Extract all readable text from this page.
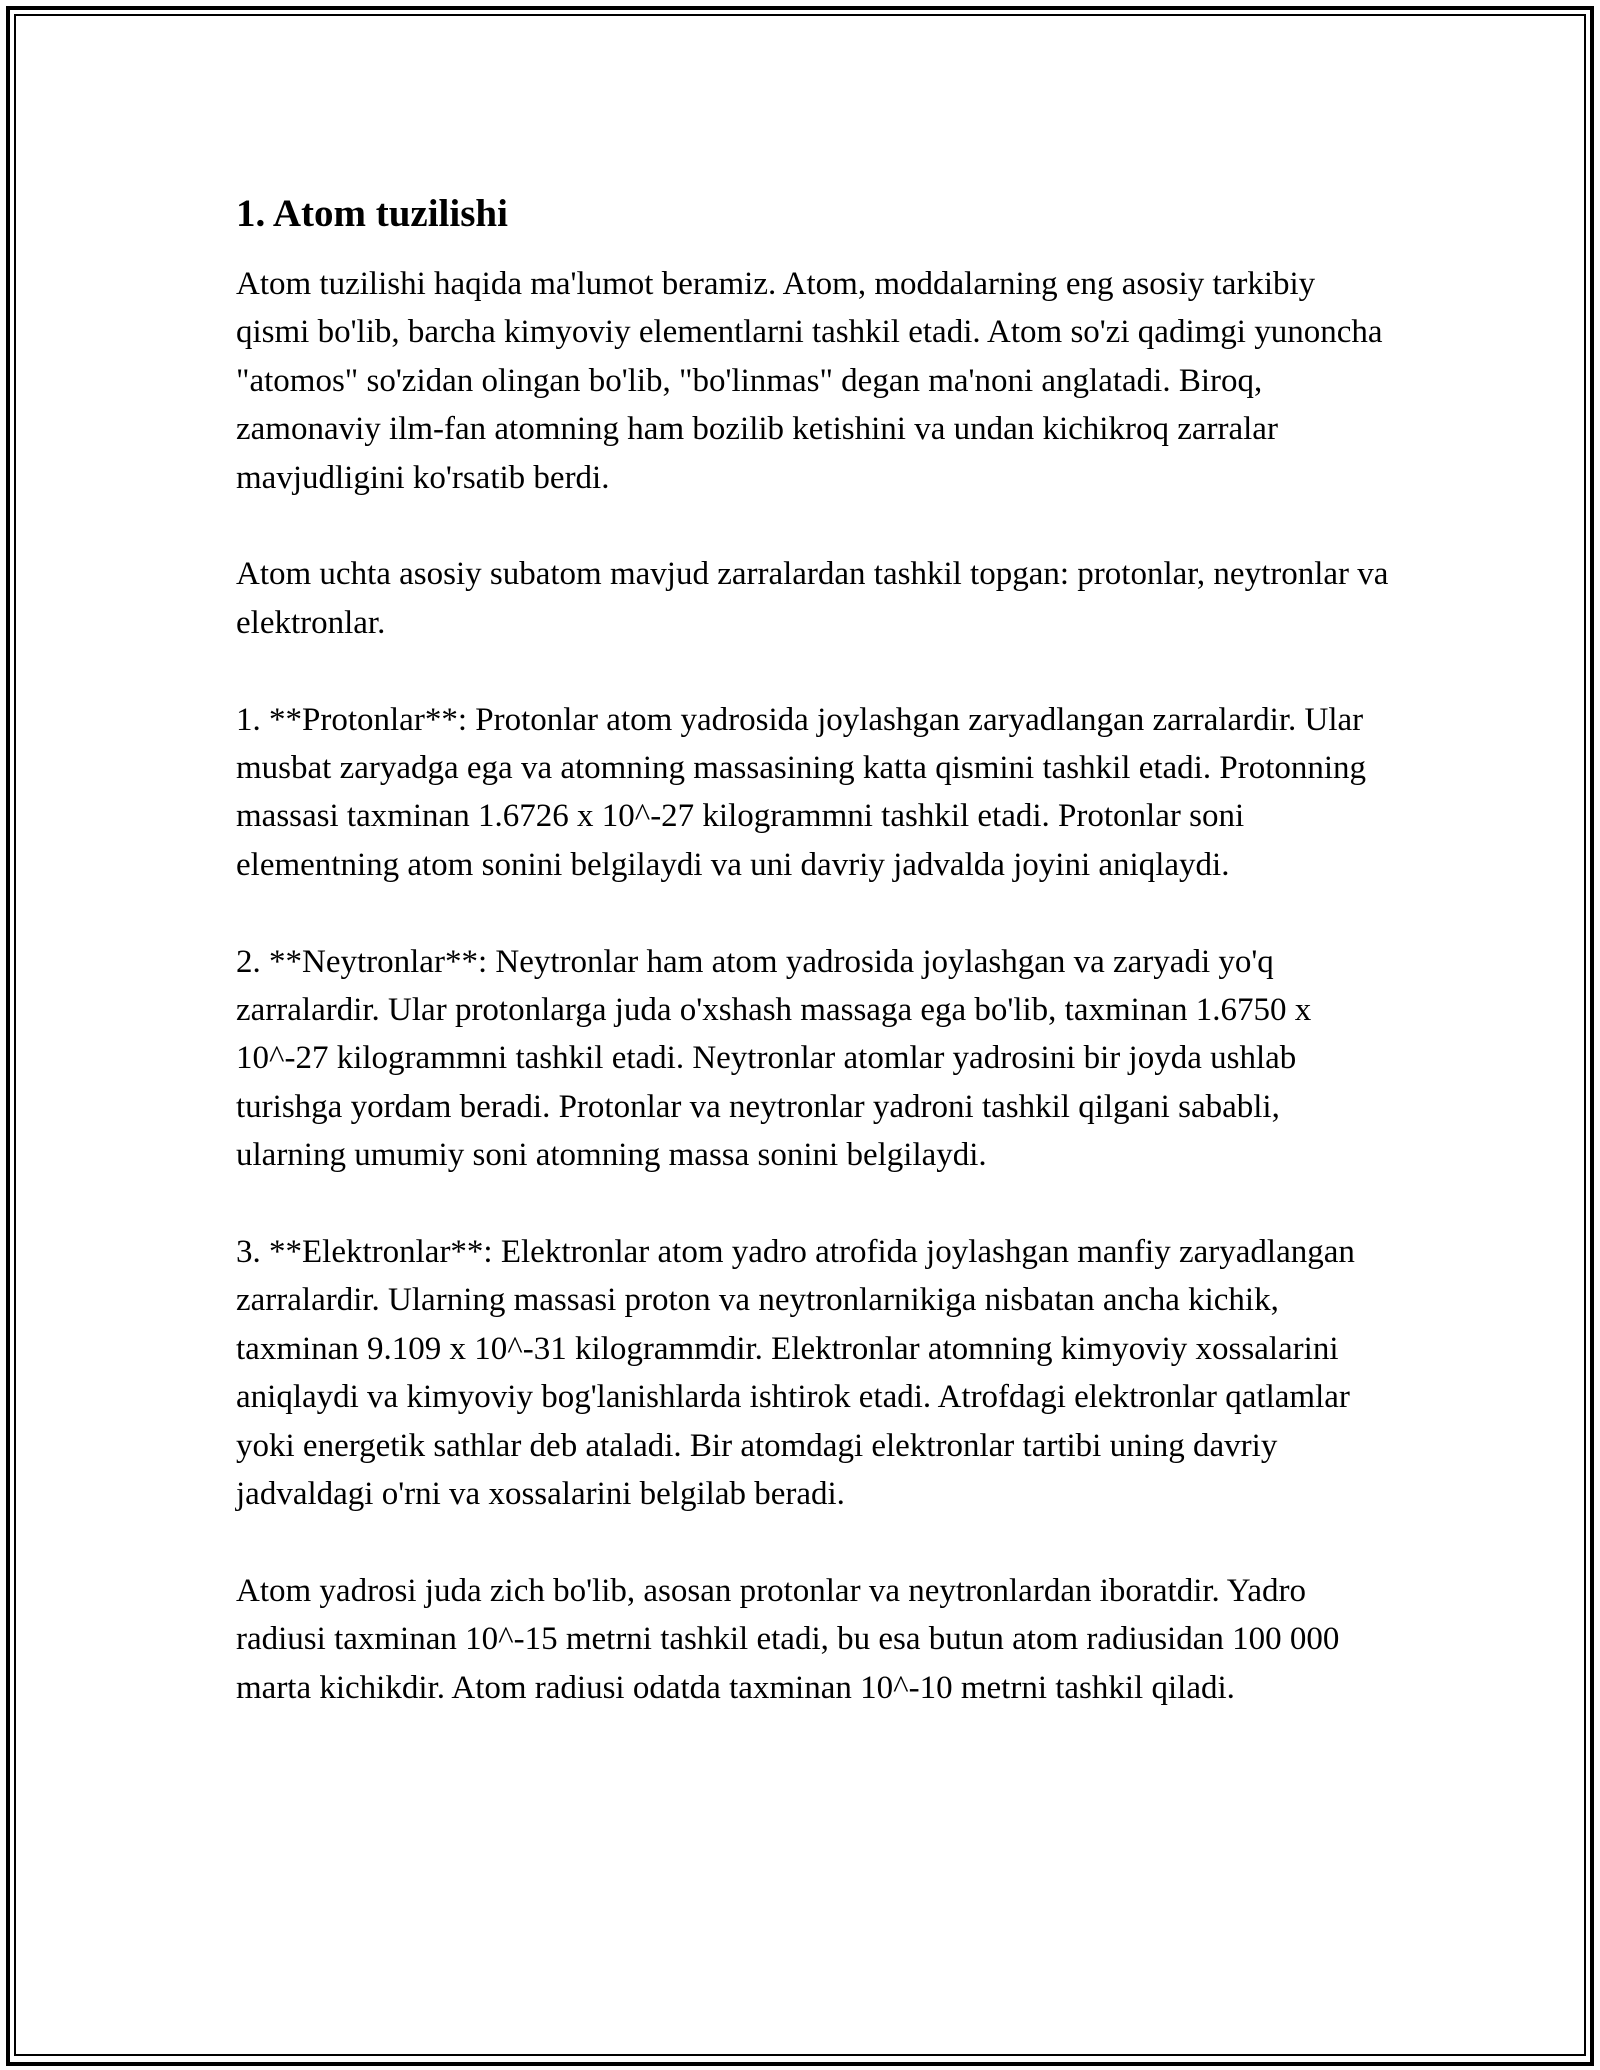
1. Atom tuzilishi

Atom tuzilishi haqida ma'lumot beramiz. Atom, moddalarning eng asosiy tarkibiy qismi bo'lib, barcha kimyoviy elementlarni tashkil etadi. Atom so'zi qadimgi yunoncha "atomos" so'zidan olingan bo'lib, "bo'linmas" degan ma'noni anglatadi. Biroq, zamonaviy ilm-fan atomning ham bozilib ketishini va undan kichikroq zarralar mavjudligini ko'rsatib berdi.

Atom uchta asosiy subatom mavjud zarralardan tashkil topgan: protonlar, neytronlar va elektronlar.

1. **Protonlar**: Protonlar atom yadrosida joylashgan zaryadlangan zarralardir. Ular musbat zaryadga ega va atomning massasining katta qismini tashkil etadi. Protonning massasi taxminan 1.6726 x 10^-27 kilogrammni tashkil etadi. Protonlar soni elementning atom sonini belgilaydi va uni davriy jadvalda joyini aniqlaydi.

2. **Neytronlar**: Neytronlar ham atom yadrosida joylashgan va zaryadi yo'q zarralardir. Ular protonlarga juda o'xshash massaga ega bo'lib, taxminan 1.6750 x 10^-27 kilogrammni tashkil etadi. Neytronlar atomlar yadrosini bir joyda ushlab turishga yordam beradi. Protonlar va neytronlar yadroni tashkil qilgani sababli, ularning umumiy soni atomning massa sonini belgilaydi.

3. **Elektronlar**: Elektronlar atom yadro atrofida joylashgan manfiy zaryadlangan zarralardir. Ularning massasi proton va neytronlarnikiga nisbatan ancha kichik, taxminan 9.109 x 10^-31 kilogrammdir. Elektronlar atomning kimyoviy xossalarini aniqlaydi va kimyoviy bog'lanishlarda ishtirok etadi. Atrofdagi elektronlar qatlamlar yoki energetik sathlar deb ataladi. Bir atomdagi elektronlar tartibi uning davriy jadvaldagi o'rni va xossalarini belgilab beradi.

Atom yadrosi juda zich bo'lib, asosan protonlar va neytronlardan iboratdir. Yadro radiusi taxminan 10^-15 metrni tashkil etadi, bu esa butun atom radiusidan 100 000 marta kichikdir. Atom radiusi odatda taxminan 10^-10 metrni tashkil qiladi.
